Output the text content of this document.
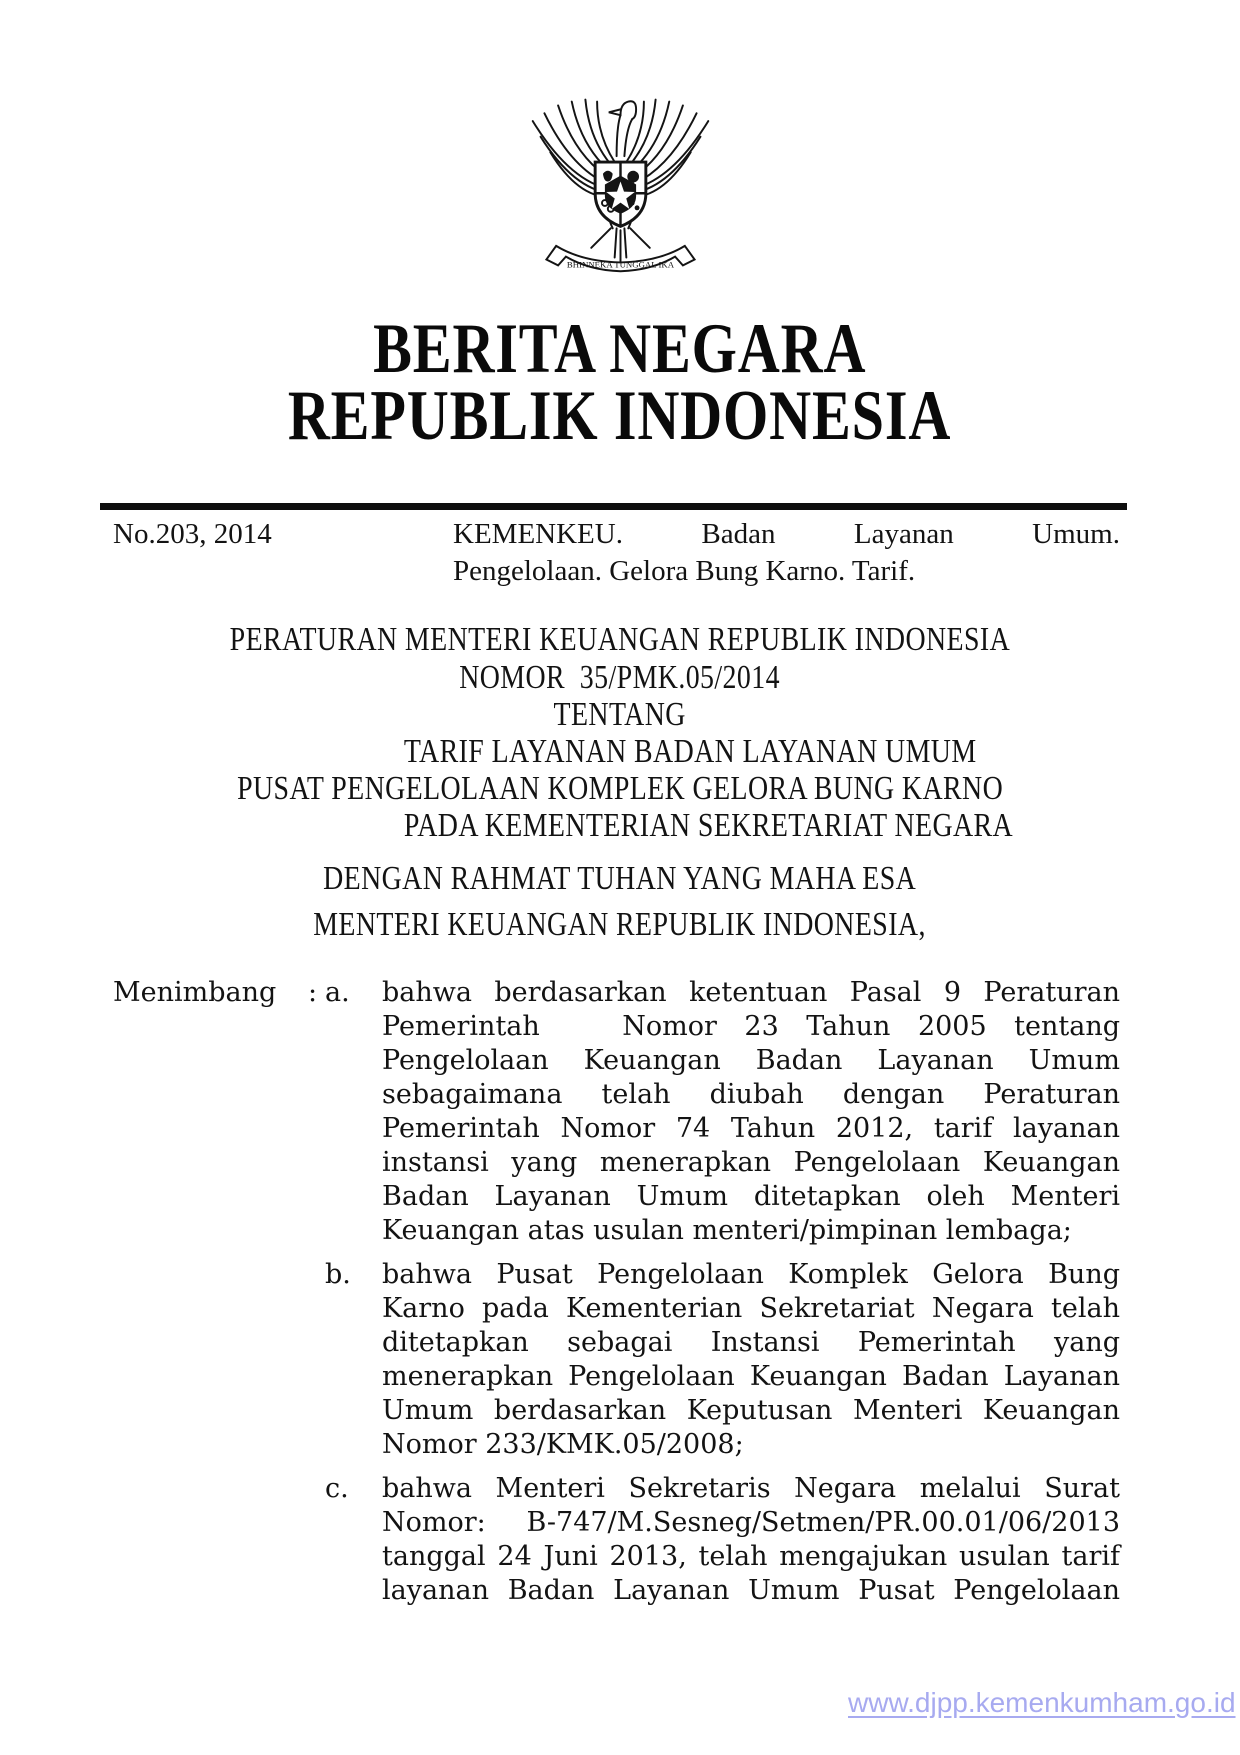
BHINNEKA TUNGGAL IKA
BERITA NEGARA
REPUBLIK INDONESIA
No.203, 2014	KEMENKEU. Badan Layanan Umum.
Pengelolaan. Gelora Bung Karno. Tarif.
PERATURAN MENTERI KEUANGAN REPUBLIK INDONESIA
NOMOR  35/PMK.05/2014
TENTANG
TARIF LAYANAN BADAN LAYANAN UMUM
PUSAT PENGELOLAAN KOMPLEK GELORA BUNG KARNO
PADA KEMENTERIAN SEKRETARIAT NEGARA
DENGAN RAHMAT TUHAN YANG MAHA ESA
MENTERI KEUANGAN REPUBLIK INDONESIA,
Menimbang : a. bahwa berdasarkan ketentuan Pasal 9 Peraturan
Pemerintah   Nomor 23 Tahun 2005 tentang
Pengelolaan Keuangan Badan Layanan Umum
sebagaimana telah diubah dengan Peraturan
Pemerintah Nomor 74 Tahun 2012, tarif layanan
instansi yang menerapkan Pengelolaan Keuangan
Badan Layanan Umum ditetapkan oleh Menteri
Keuangan atas usulan menteri/pimpinan lembaga;
b. bahwa Pusat Pengelolaan Komplek Gelora Bung
Karno pada Kementerian Sekretariat Negara telah
ditetapkan sebagai Instansi Pemerintah yang
menerapkan Pengelolaan Keuangan Badan Layanan
Umum berdasarkan Keputusan Menteri Keuangan
Nomor 233/KMK.05/2008;
c. bahwa Menteri Sekretaris Negara melalui Surat
Nomor: B-747/M.Sesneg/Setmen/PR.00.01/06/2013
tanggal 24 Juni 2013, telah mengajukan usulan tarif
layanan Badan Layanan Umum Pusat Pengelolaan
www.djpp.kemenkumham.go.id
